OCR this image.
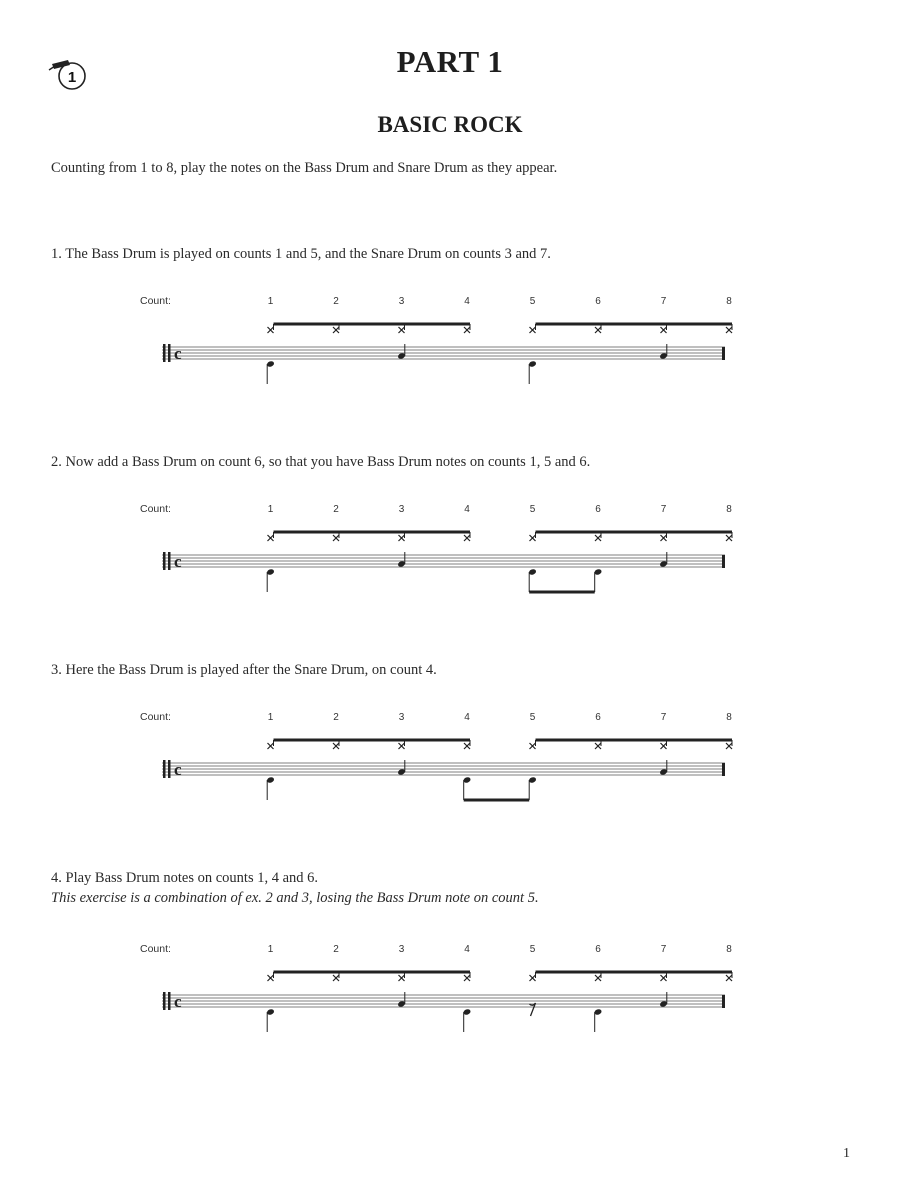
1	PART 1
BASIC ROCK
Counting from 1 to 8, play the notes on the Bass Drum and Snare Drum as they appear.
1. The Bass Drum is played on counts 1 and 5, and the Snare Drum on counts 3 and 7.
Count:	1	2	3	4	5	6	7	8
c
2. Now add a Bass Drum on count 6, so that you have Bass Drum notes on counts 1, 5 and 6.
Count:	1	2	3	4	5	6	7	8
c
3. Here the Bass Drum is played after the Snare Drum, on count 4.
Count:	1	2	3	4	5	6	7	8
c
4. Play Bass Drum notes on counts 1, 4 and 6.
This exercise is a combination of ex. 2 and 3, losing the Bass Drum note on count 5.
Count:	1	2	3	4	5	6	7	8
c
1
